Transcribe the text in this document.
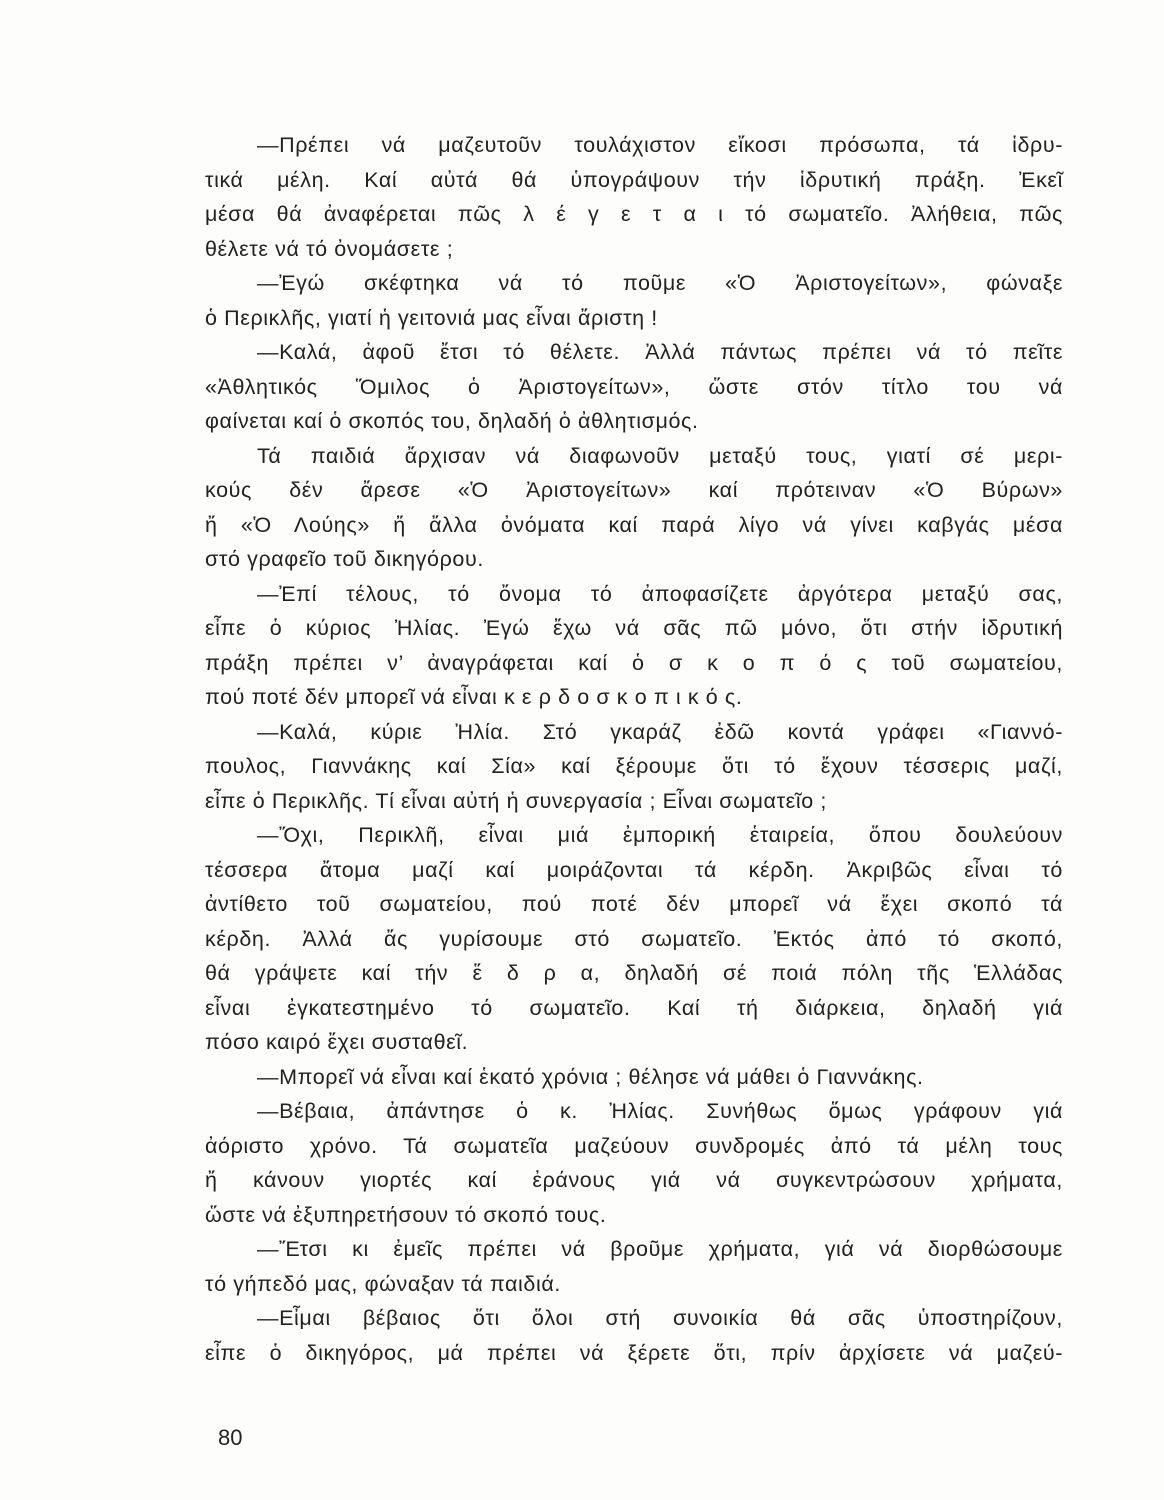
—Πρέπει νά μαζευτοῦν τουλάχιστον εἴκοσι πρόσωπα, τά ἱδρυ-
τικά μέλη. Καί αὐτά θά ὑπογράψουν τήν ἱδρυτική πράξη. Ἐκεῖ
μέσα θά ἀναφέρεται πῶς λ έ γ ε τ α ι τό σωματεῖο. Ἀλήθεια, πῶς
θέλετε νά τό ὀνομάσετε ;
—Ἐγώ σκέφτηκα νά τό ποῦμε «Ὁ Ἀριστογείτων», φώναξε
ὁ Περικλῆς, γιατί ἡ γειτονιά μας εἶναι ἄριστη !
—Καλά, ἀφοῦ ἔτσι τό θέλετε. Ἀλλά πάντως πρέπει νά τό πεῖτε
«Ἀθλητικός Ὅμιλος ὁ Ἀριστογείτων», ὥστε στόν τίτλο του νά
φαίνεται καί ὁ σκοπός του, δηλαδή ὁ ἀθλητισμός.
Τά παιδιά ἄρχισαν νά διαφωνοῦν μεταξύ τους, γιατί σέ μερι-
κούς δέν ἄρεσε «Ὁ Ἀριστογείτων» καί πρότειναν «Ὁ Βύρων»
ἤ «Ὁ Λούης» ἤ ἄλλα ὀνόματα καί παρά λίγο νά γίνει καβγάς μέσα
στό γραφεῖο τοῦ δικηγόρου.
—Ἐπί τέλους, τό ὄνομα τό ἀποφασίζετε ἀργότερα μεταξύ σας,
εἶπε ὁ κύριος Ἠλίας. Ἐγώ ἔχω νά σᾶς πῶ μόνο, ὅτι στήν ἱδρυτική
πράξη πρέπει ν’ ἀναγράφεται καί ὁ σ κ ο π ό ς τοῦ σωματείου,
πού ποτέ δέν μπορεῖ νά εἶναι κ ε ρ δ ο σ κ ο π ι κ ό ς.
—Καλά, κύριε Ἠλία. Στό γκαράζ ἐδῶ κοντά γράφει «Γιαννό-
πουλος, Γιαννάκης καί Σία» καί ξέρουμε ὅτι τό ἔχουν τέσσερις μαζί,
εἶπε ὁ Περικλῆς. Τί εἶναι αὐτή ἡ συνεργασία ; Εἶναι σωματεῖο ;
—Ὄχι, Περικλῆ, εἶναι μιά ἐμπορική ἑταιρεία, ὅπου δουλεύουν
τέσσερα ἄτομα μαζί καί μοιράζονται τά κέρδη. Ἀκριβῶς εἶναι τό
ἀντίθετο τοῦ σωματείου, πού ποτέ δέν μπορεῖ νά ἔχει σκοπό τά
κέρδη. Ἀλλά ἄς γυρίσουμε στό σωματεῖο. Ἐκτός ἀπό τό σκοπό,
θά γράψετε καί τήν ἕ δ ρ α, δηλαδή σέ ποιά πόλη τῆς Ἑλλάδας
εἶναι ἐγκατεστημένο τό σωματεῖο. Καί τή διάρκεια, δηλαδή γιά
πόσο καιρό ἔχει συσταθεῖ.
—Μπορεῖ νά εἶναι καί ἑκατό χρόνια ; θέλησε νά μάθει ὁ Γιαννάκης.
—Βέβαια, ἀπάντησε ὁ κ. Ἠλίας. Συνήθως ὅμως γράφουν γιά
ἀόριστο χρόνο. Τά σωματεῖα μαζεύουν συνδρομές ἀπό τά μέλη τους
ἤ κάνουν γιορτές καί ἐράνους γιά νά συγκεντρώσουν χρήματα,
ὥστε νά ἐξυπηρετήσουν τό σκοπό τους.
—Ἔτσι κι ἐμεῖς πρέπει νά βροῦμε χρήματα, γιά νά διορθώσουμε
τό γήπεδό μας, φώναξαν τά παιδιά.
—Εἶμαι βέβαιος ὅτι ὅλοι στή συνοικία θά σᾶς ὑποστηρίζουν,
εἶπε ὁ δικηγόρος, μά πρέπει νά ξέρετε ὅτι, πρίν ἀρχίσετε νά μαζεύ-
80
